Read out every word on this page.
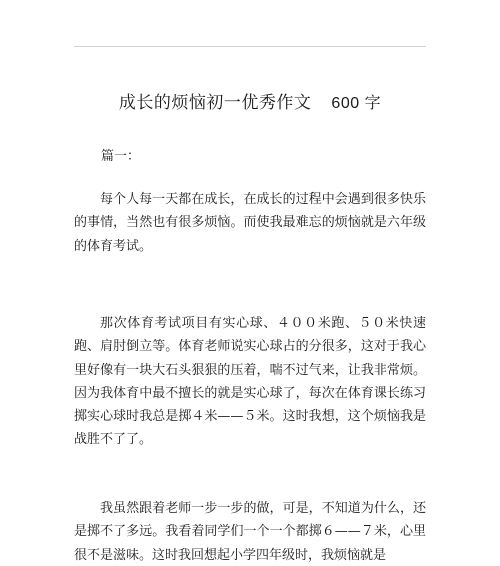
成长的烦恼初一优秀作文 600 字
篇一：

每个人每一天都在成长，在成长的过程中会遇到很多快乐的事情，当然也有很多烦恼。而使我最难忘的烦恼就是六年级的体育考试。

那次体育考试项目有实心球、４００米跑、５０米快速跑、肩肘倒立等。体育老师说实心球占的分很多，这对于我心里好像有一块大石头狠狠的压着，喘不过气来，让我非常烦。因为我体育中最不擅长的就是实心球了，每次在体育课长练习掷实心球时我总是掷４米——５米。这时我想，这个烦恼我是战胜不了了。

我虽然跟着老师一步一步的做，可是，不知道为什么，还是掷不了多远。我看着同学们一个一个都掷６——７米，心里很不是滋味。这时我回想起小学四年级时，我烦恼就是
